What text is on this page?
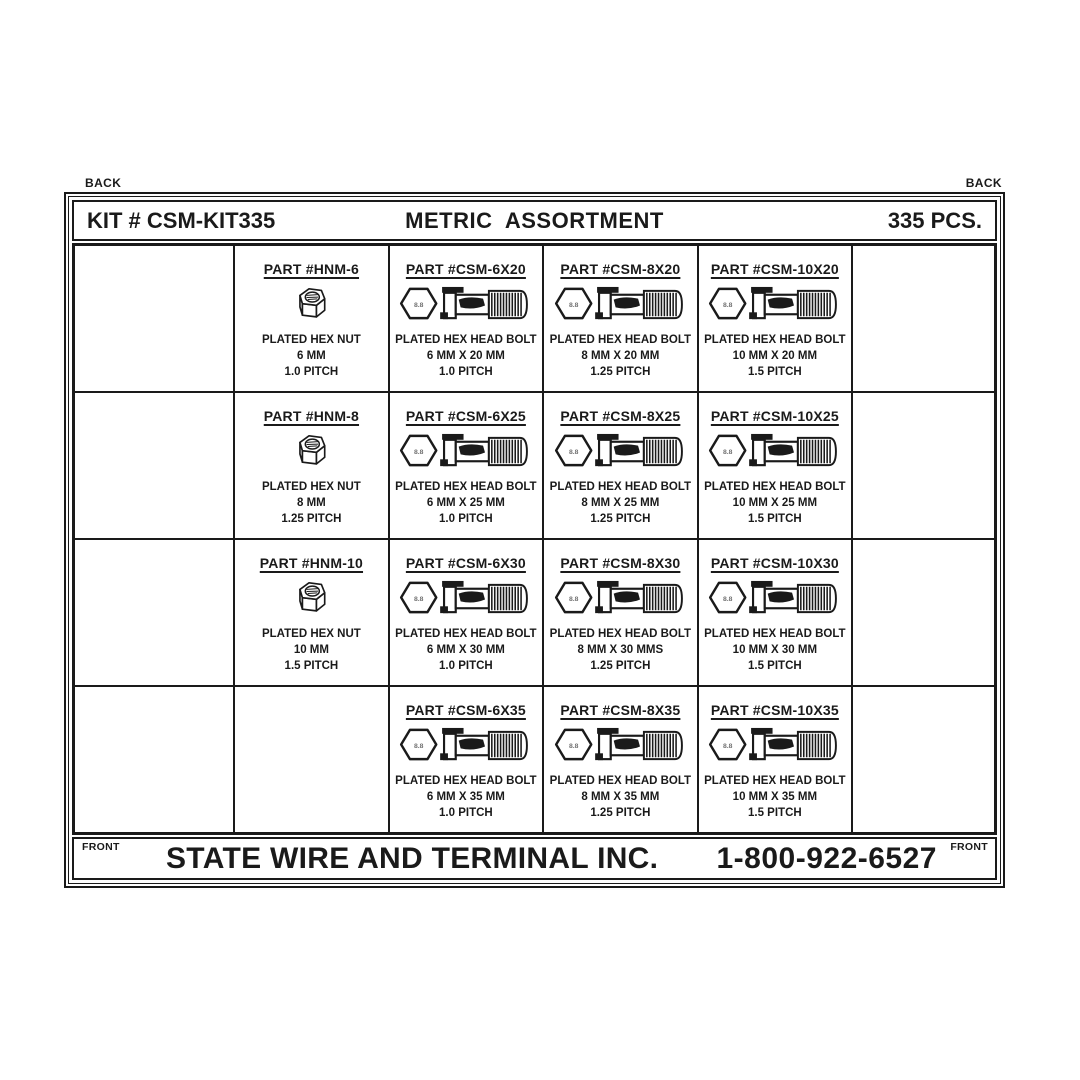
BACK	BACK
KIT # CSM-KIT335	METRIC  ASSORTMENT	335 PCS.
PART #HNM-6
PLATED HEX NUT
6 MM
1.0 PITCH
PART #CSM-6X20
8.8
PLATED HEX HEAD BOLT
6 MM X 20 MM
1.0 PITCH
PART #CSM-8X20
8.8
PLATED HEX HEAD BOLT
8 MM X 20 MM
1.25 PITCH
PART #CSM-10X20
8.8
PLATED HEX HEAD BOLT
10 MM X 20 MM
1.5 PITCH
PART #HNM-8
PLATED HEX NUT
8 MM
1.25 PITCH
PART #CSM-6X25
8.8
PLATED HEX HEAD BOLT
6 MM X 25 MM
1.0 PITCH
PART #CSM-8X25
8.8
PLATED HEX HEAD BOLT
8 MM X 25 MM
1.25 PITCH
PART #CSM-10X25
8.8
PLATED HEX HEAD BOLT
10 MM X 25 MM
1.5 PITCH
PART #HNM-10
PLATED HEX NUT
10 MM
1.5 PITCH
PART #CSM-6X30
8.8
PLATED HEX HEAD BOLT
6 MM X 30 MM
1.0 PITCH
PART #CSM-8X30
8.8
PLATED HEX HEAD BOLT
8 MM X 30 MMS
1.25 PITCH
PART #CSM-10X30
8.8
PLATED HEX HEAD BOLT
10 MM X 30 MM
1.5 PITCH
PART #CSM-6X35
8.8
PLATED HEX HEAD BOLT
6 MM X 35 MM
1.0 PITCH
PART #CSM-8X35
8.8
PLATED HEX HEAD BOLT
8 MM X 35 MM
1.25 PITCH
PART #CSM-10X35
8.8
PLATED HEX HEAD BOLT
10 MM X 35 MM
1.5 PITCH
FRONT STATE WIRE AND TERMINAL INC. 1-800-922-6527 FRONT
